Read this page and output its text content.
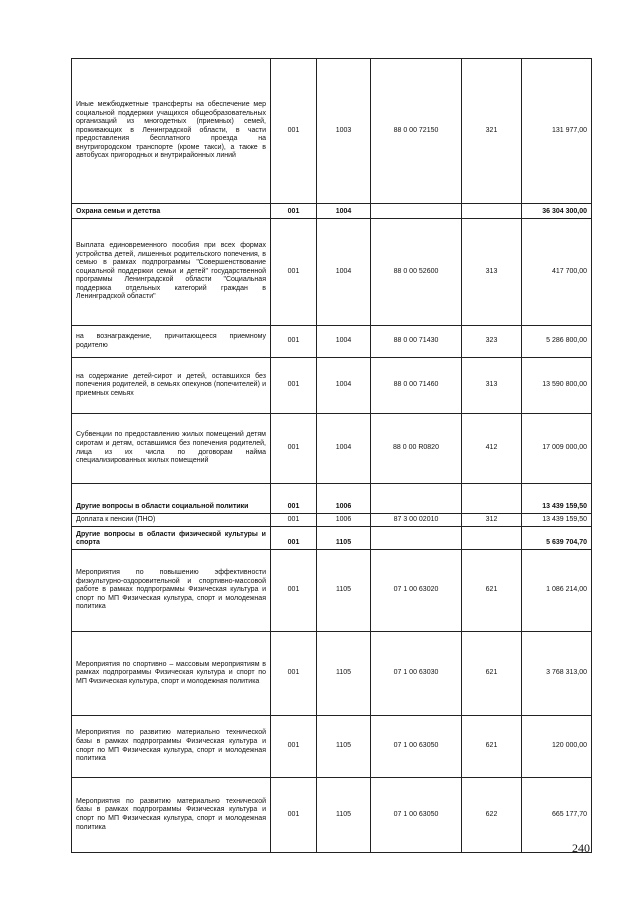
Иные межбюджетные трансферты на обеспечение мер социальной поддержки учащихся общеобразовательных организаций из многодетных (приемных) семей, проживающих в Ленинградской области, в части предоставления бесплатного проезда на внутригородском транспорте (кроме такси), а также в автобусах пригородных и внутрирайонных линий	001	1003	88 0 00 72150	321	131 977,00
Охрана семьи и детства	001	1004			36 304 300,00
Выплата единовременного пособия при всех формах устройства детей, лишенных родительского попечения, в семью в рамках подпрограммы "Совершенствование социальной поддержки семьи и детей" государственной программы Ленинградской области "Социальная поддержка отдельных категорий граждан в Ленинградской области"	001	1004	88 0 00 52600	313	417 700,00
на вознаграждение, причитающееся приемному родителю	001	1004	88 0 00 71430	323	5 286 800,00
на содержание детей-сирот и детей, оставшихся без попечения родителей, в семьях опекунов (попечителей) и приемных семьях	001	1004	88 0 00 71460	313	13 590 800,00
Субвенции по предоставлению жилых помещений детям сиротам и детям, оставшимся без попечения родителей, лица из их числа по договорам найма специализированных жилых помещений	001	1004	88 0 00 R0820	412	17 009 000,00
Другие вопросы в области социальной политики	001	1006			13 439 159,50
Доплата к пенсии (ПНО)	001	1006	87 3 00 02010	312	13 439 159,50
Другие вопросы в области физической культуры и спорта	001	1105			5 639 704,70
Мероприятия по повышению эффективности физкультурно-оздоровительной и спортивно-массовой работе в рамках подпрограммы Физическая культура и спорт по МП Физическая культура, спорт и молодежная политика	001	1105	07 1 00 63020	621	1 086 214,00
Мероприятия по спортивно – массовым мероприятиям в рамках подпрограммы Физическая культура и спорт по МП Физическая культура, спорт и молодежная политика	001	1105	07 1 00 63030	621	3 768 313,00
Мероприятия по развитию материально технической базы в рамках подпрограммы Физическая культура и спорт по МП Физическая культура, спорт и молодежная политика	001	1105	07 1 00 63050	621	120 000,00
Мероприятия по развитию материально технической базы в рамках подпрограммы Физическая культура и спорт по МП Физическая культура, спорт и молодежная политика	001	1105	07 1 00 63050	622	665 177,70
240
